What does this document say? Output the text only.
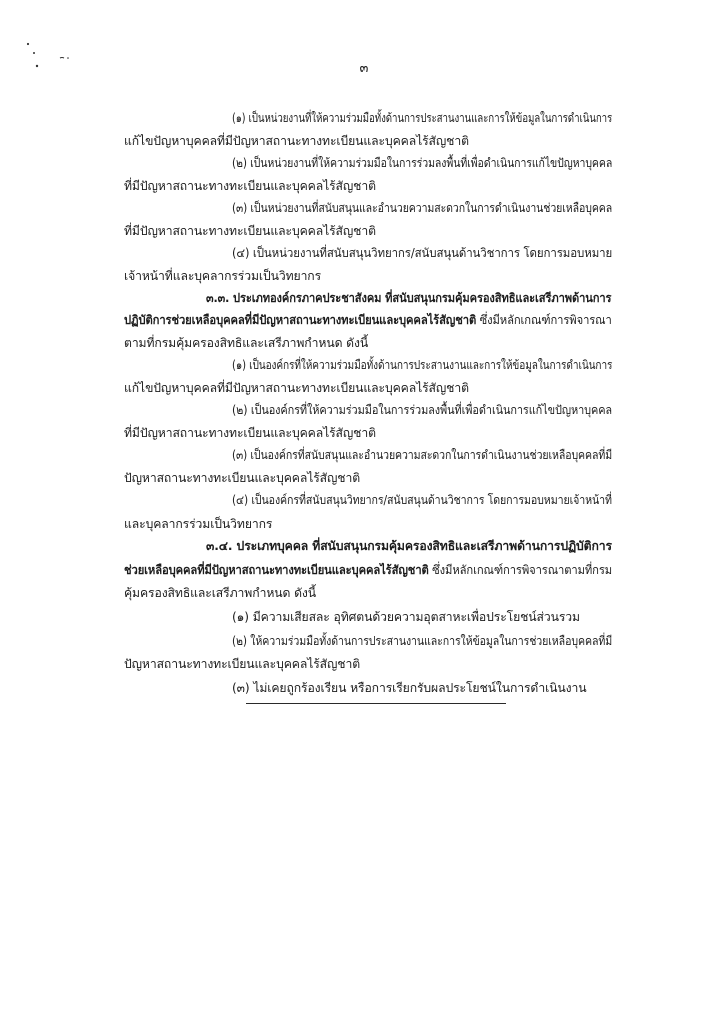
๓
(๑) เป็นหน่วยงานที่ให้ความร่วมมือทั้งด้านการประสานงานและการให้ข้อมูลในการดำเนินการ
แก้ไขปัญหาบุคคลที่มีปัญหาสถานะทางทะเบียนและบุคคลไร้สัญชาติ
(๒) เป็นหน่วยงานที่ให้ความร่วมมือในการร่วมลงพื้นที่เพื่อดำเนินการแก้ไขปัญหาบุคคล
ที่มีปัญหาสถานะทางทะเบียนและบุคคลไร้สัญชาติ
(๓) เป็นหน่วยงานที่สนับสนุนและอำนวยความสะดวกในการดำเนินงานช่วยเหลือบุคคล
ที่มีปัญหาสถานะทางทะเบียนและบุคคลไร้สัญชาติ
(๔) เป็นหน่วยงานที่สนับสนุนวิทยากร/สนับสนุนด้านวิชาการ โดยการมอบหมาย
เจ้าหน้าที่และบุคลากรร่วมเป็นวิทยากร
๓.๓. ประเภทองค์กรภาคประชาสังคม ที่สนับสนุนกรมคุ้มครองสิทธิและเสรีภาพด้านการ
ปฏิบัติการช่วยเหลือบุคคลที่มีปัญหาสถานะทางทะเบียนและบุคคลไร้สัญชาติ ซึ่งมีหลักเกณฑ์การพิจารณา
ตามที่กรมคุ้มครองสิทธิและเสรีภาพกำหนด ดังนี้
(๑) เป็นองค์กรที่ให้ความร่วมมือทั้งด้านการประสานงานและการให้ข้อมูลในการดำเนินการ
แก้ไขปัญหาบุคคลที่มีปัญหาสถานะทางทะเบียนและบุคคลไร้สัญชาติ
(๒) เป็นองค์กรที่ให้ความร่วมมือในการร่วมลงพื้นที่เพื่อดำเนินการแก้ไขปัญหาบุคคล
ที่มีปัญหาสถานะทางทะเบียนและบุคคลไร้สัญชาติ
(๓) เป็นองค์กรที่สนับสนุนและอำนวยความสะดวกในการดำเนินงานช่วยเหลือบุคคลที่มี
ปัญหาสถานะทางทะเบียนและบุคคลไร้สัญชาติ
(๔) เป็นองค์กรที่สนับสนุนวิทยากร/สนับสนุนด้านวิชาการ โดยการมอบหมายเจ้าหน้าที่
และบุคลากรร่วมเป็นวิทยากร
๓.๔. ประเภทบุคคล ที่สนับสนุนกรมคุ้มครองสิทธิและเสรีภาพด้านการปฏิบัติการ
ช่วยเหลือบุคคลที่มีปัญหาสถานะทางทะเบียนและบุคคลไร้สัญชาติ ซึ่งมีหลักเกณฑ์การพิจารณาตามที่กรม
คุ้มครองสิทธิและเสรีภาพกำหนด ดังนี้
(๑) มีความเสียสละ อุทิศตนด้วยความอุตสาหะเพื่อประโยชน์ส่วนรวม
(๒) ให้ความร่วมมือทั้งด้านการประสานงานและการให้ข้อมูลในการช่วยเหลือบุคคลที่มี
ปัญหาสถานะทางทะเบียนและบุคคลไร้สัญชาติ
(๓) ไม่เคยถูกร้องเรียน หรือการเรียกรับผลประโยชน์ในการดำเนินงาน
